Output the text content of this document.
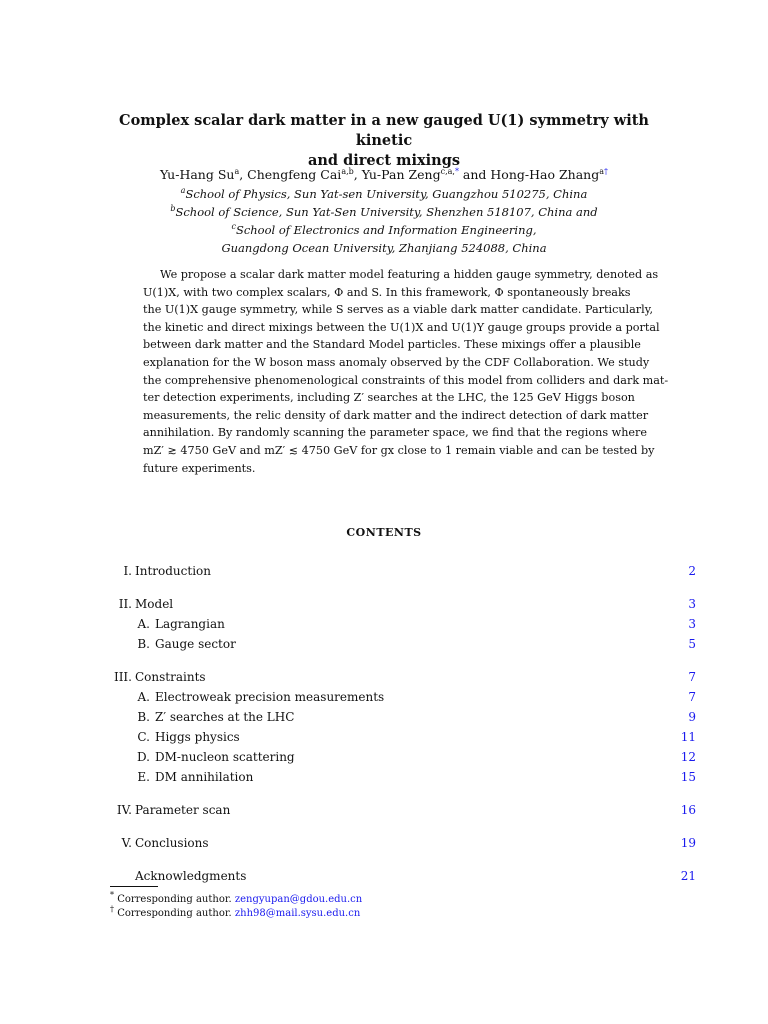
Complex scalar dark matter in a new gauged U(1) symmetry with kinetic
and direct mixings
Yu-Hang Su$^a$, Chengfeng Cai$^{a,b}$, Yu-Pan Zeng$^{c,a,*}$ and Hong-Hao Zhang$^{a\dagger}$
$^a$School of Physics, Sun Yat-sen University, Guangzhou 510275, China
$^b$School of Science, Sun Yat-Sen University, Shenzhen 518107, China and
$^c$School of Electronics and Information Engineering,
Guangdong Ocean University, Zhanjiang 524088, China
We propose a scalar dark matter model featuring a hidden gauge symmetry, denoted as
U(1)X, with two complex scalars, Φ and S. In this framework, Φ spontaneously breaks
the U(1)X gauge symmetry, while S serves as a viable dark matter candidate. Particularly,
the kinetic and direct mixings between the U(1)X and U(1)Y gauge groups provide a portal
between dark matter and the Standard Model particles. These mixings offer a plausible
explanation for the W boson mass anomaly observed by the CDF Collaboration. We study
the comprehensive phenomenological constraints of this model from colliders and dark mat-
ter detection experiments, including Z′ searches at the LHC, the 125 GeV Higgs boson
measurements, the relic density of dark matter and the indirect detection of dark matter
annihilation. By randomly scanning the parameter space, we find that the regions where
mZ′ ≳ 4750 GeV and mZ′ ≲ 4750 GeV for gx close to 1 remain viable and can be tested by
future experiments.
CONTENTS
I. Introduction	2
II. Model	3
A. Lagrangian	3
B. Gauge sector	5
III. Constraints	7
A. Electroweak precision measurements	7
B. Z′ searches at the LHC	9
C. Higgs physics	11
D. DM-nucleon scattering	12
E. DM annihilation	15
IV. Parameter scan	16
V. Conclusions	19
Acknowledgments	21
* Corresponding author. zengyupan@gdou.edu.cn
† Corresponding author. zhh98@mail.sysu.edu.cn
